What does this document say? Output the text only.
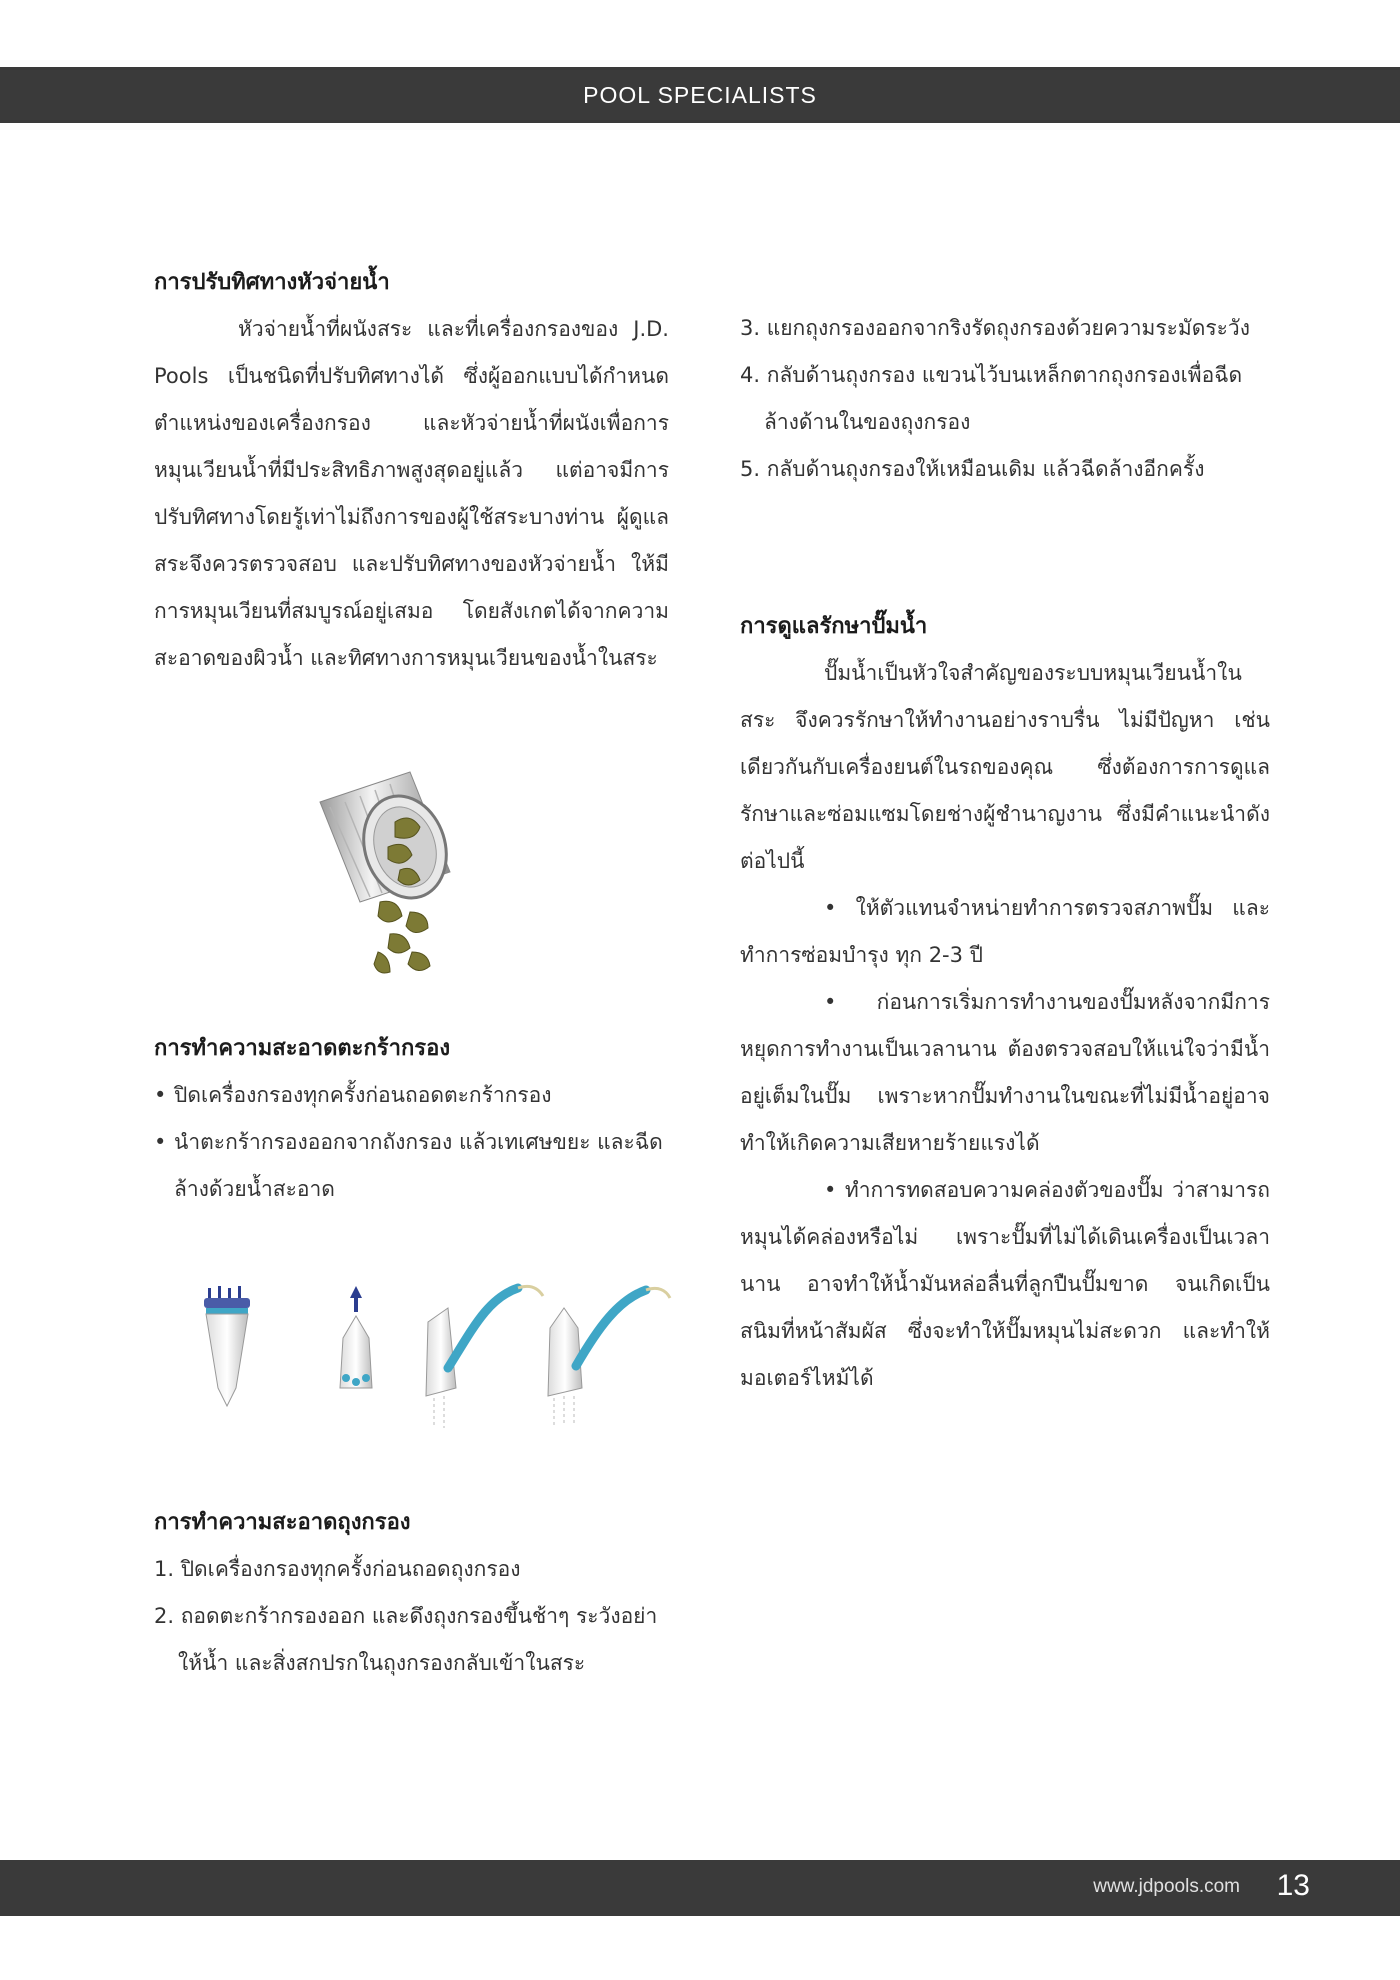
POOL SPECIALISTS
การปรับทิศทางหัวจ่ายน้ำ

หัวจ่ายน้ำที่ผนังสระ และที่เครื่องกรองของ J.D. Pools เป็นชนิดที่ปรับทิศทางได้ ซึ่งผู้ออกแบบได้กำหนดตำแหน่งของเครื่องกรอง และหัวจ่ายน้ำที่ผนังเพื่อการหมุนเวียนน้ำที่มีประสิทธิภาพสูงสุดอยู่แล้ว แต่อาจมีการปรับทิศทางโดยรู้เท่าไม่ถึงการของผู้ใช้สระบางท่าน ผู้ดูแลสระจึงควรตรวจสอบ และปรับทิศทางของหัวจ่ายน้ำ ให้มีการหมุนเวียนที่สมบูรณ์อยู่เสมอ โดยสังเกตได้จากความสะอาดของผิวน้ำ และทิศทางการหมุนเวียนของน้ำในสระ

การทำความสะอาดตะกร้ากรอง
• ปิดเครื่องกรองทุกครั้งก่อนถอดตะกร้ากรอง
• นำตะกร้ากรองออกจากถังกรอง แล้วเทเศษขยะ และฉีดล้างด้วยน้ำสะอาด
การทำความสะอาดถุงกรอง
1. ปิดเครื่องกรองทุกครั้งก่อนถอดถุงกรอง
2. ถอดตะกร้ากรองออก และดึงถุงกรองขึ้นช้าๆ ระวังอย่าให้น้ำ และสิ่งสกปรกในถุงกรองกลับเข้าในสระ
3. แยกถุงกรองออกจากริงรัดถุงกรองด้วยความระมัดระวัง
4. กลับด้านถุงกรอง แขวนไว้บนเหล็กตากถุงกรองเพื่อฉีดล้างด้านในของถุงกรอง
5. กลับด้านถุงกรองให้เหมือนเดิม แล้วฉีดล้างอีกครั้ง
การดูแลรักษาปั๊มน้ำ

ปั๊มน้ำเป็นหัวใจสำคัญของระบบหมุนเวียนน้ำในสระ จึงควรรักษาให้ทำงานอย่างราบรื่น ไม่มีปัญหา เช่นเดียวกันกับเครื่องยนต์ในรถของคุณ ซึ่งต้องการการดูแลรักษาและซ่อมแซมโดยช่างผู้ชำนาญงาน ซึ่งมีคำแนะนำดังต่อไปนี้

• ให้ตัวแทนจำหน่ายทำการตรวจสภาพปั๊ม และทำการซ่อมบำรุง ทุก 2-3 ปี

• ก่อนการเริ่มการทำงานของปั๊มหลังจากมีการหยุดการทำงานเป็นเวลานาน ต้องตรวจสอบให้แน่ใจว่ามีน้ำอยู่เต็มในปั๊ม เพราะหากปั๊มทำงานในขณะที่ไม่มีน้ำอยู่อาจทำให้เกิดความเสียหายร้ายแรงได้

• ทำการทดสอบความคล่องตัวของปั๊ม ว่าสามารถหมุนได้คล่องหรือไม่ เพราะปั๊มที่ไม่ได้เดินเครื่องเป็นเวลานาน อาจทำให้น้ำมันหล่อลื่นที่ลูกปืนปั๊มขาด จนเกิดเป็นสนิมที่หน้าสัมผัส ซึ่งจะทำให้ปั๊มหมุนไม่สะดวก และทำให้มอเตอร์ไหม้ได้

www.jdpools.com 13
